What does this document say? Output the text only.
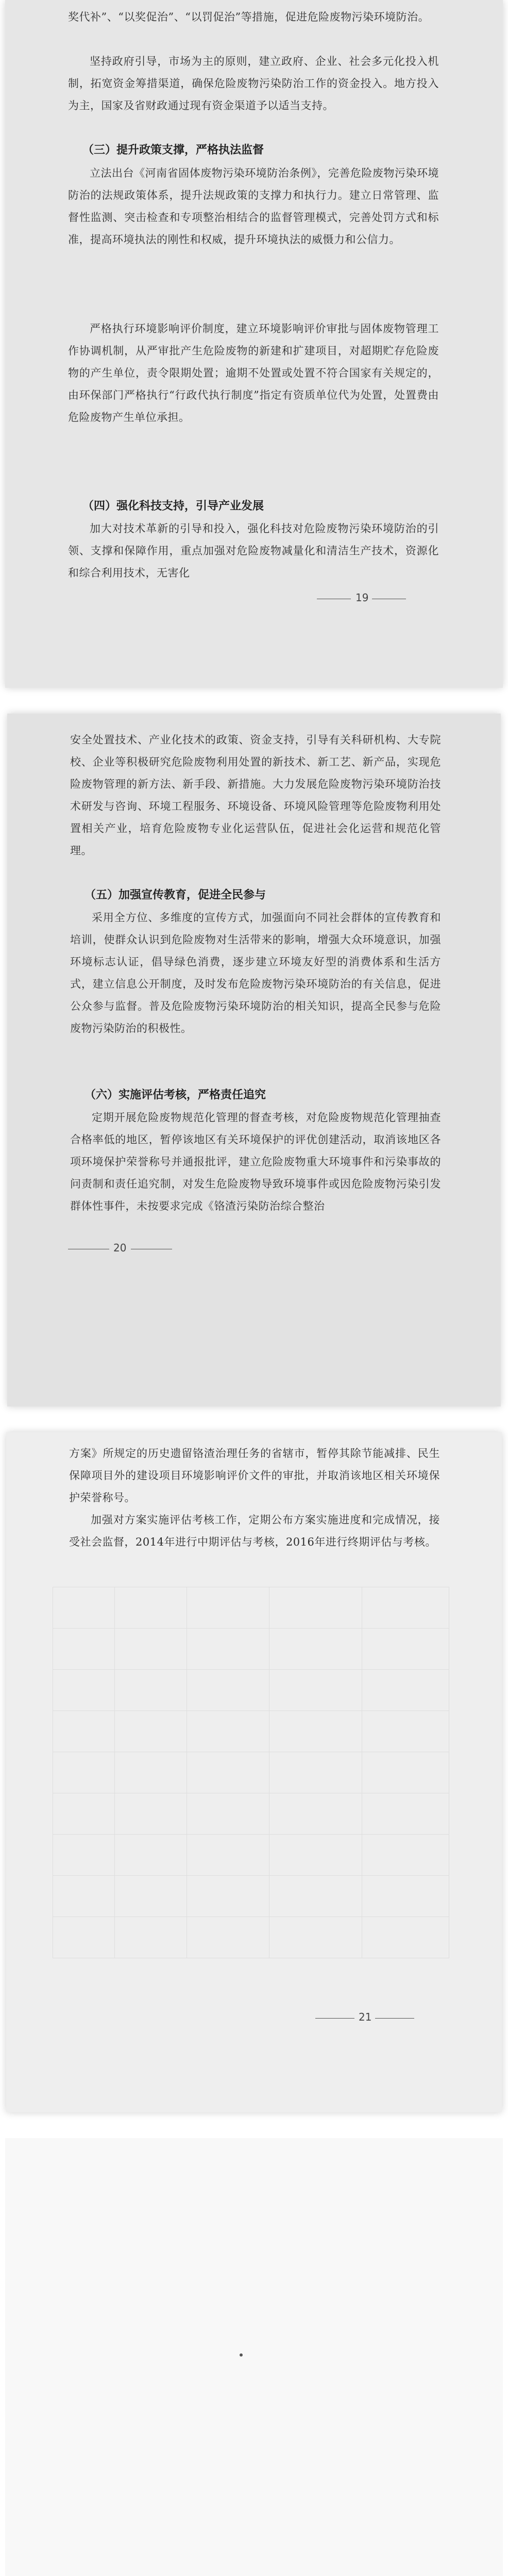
奖代补”、“以奖促治”、“以罚促治”等措施，促进危险废物污染环境防治。

坚持政府引导，市场为主的原则，建立政府、企业、社会多元化投入机制，拓宽资金筹措渠道，确保危险废物污染防治工作的资金投入。地方投入为主，国家及省财政通过现有资金渠道予以适当支持。

（三）提升政策支撑，严格执法监督

立法出台《河南省固体废物污染环境防治条例》，完善危险废物污染环境防治的法规政策体系，提升法规政策的支撑力和执行力。建立日常管理、监督性监测、突击检查和专项整治相结合的监督管理模式，完善处罚方式和标准，提高环境执法的刚性和权威，提升环境执法的威慑力和公信力。

严格执行环境影响评价制度，建立环境影响评价审批与固体废物管理工作协调机制，从严审批产生危险废物的新建和扩建项目，对超期贮存危险废物的产生单位，责令限期处置；逾期不处置或处置不符合国家有关规定的，由环保部门严格执行“行政代执行制度”指定有资质单位代为处置，处置费由危险废物产生单位承担。

（四）强化科技支持，引导产业发展

加大对技术革新的引导和投入，强化科技对危险废物污染环境防治的引领、支撑和保障作用，重点加强对危险废物减量化和清洁生产技术，资源化和综合利用技术，无害化

19

安全处置技术、产业化技术的政策、资金支持，引导有关科研机构、大专院校、企业等积极研究危险废物利用处置的新技术、新工艺、新产品，实现危险废物管理的新方法、新手段、新措施。大力发展危险废物污染环境防治技术研发与咨询、环境工程服务、环境设备、环境风险管理等危险废物利用处置相关产业，培育危险废物专业化运营队伍，促进社会化运营和规范化管理。

（五）加强宣传教育，促进全民参与

采用全方位、多维度的宣传方式，加强面向不同社会群体的宣传教育和培训，使群众认识到危险废物对生活带来的影响，增强大众环境意识，加强环境标志认证，倡导绿色消费，逐步建立环境友好型的消费体系和生活方式，建立信息公开制度，及时发布危险废物污染环境防治的有关信息，促进公众参与监督。普及危险废物污染环境防治的相关知识，提高全民参与危险废物污染防治的积极性。

（六）实施评估考核，严格责任追究

定期开展危险废物规范化管理的督查考核，对危险废物规范化管理抽查合格率低的地区，暂停该地区有关环境保护的评优创建活动，取消该地区各项环境保护荣誉称号并通报批评，建立危险废物重大环境事件和污染事故的问责制和责任追究制，对发生危险废物导致环境事件或因危险废物污染引发群体性事件，未按要求完成《铬渣污染防治综合整治

20

方案》所规定的历史遗留铬渣治理任务的省辖市，暂停其除节能减排、民生保障项目外的建设项目环境影响评价文件的审批，并取消该地区相关环境保护荣誉称号。

加强对方案实施评估考核工作，定期公布方案实施进度和完成情况，接受社会监督，2014年进行中期评估与考核，2016年进行终期评估与考核。

21
